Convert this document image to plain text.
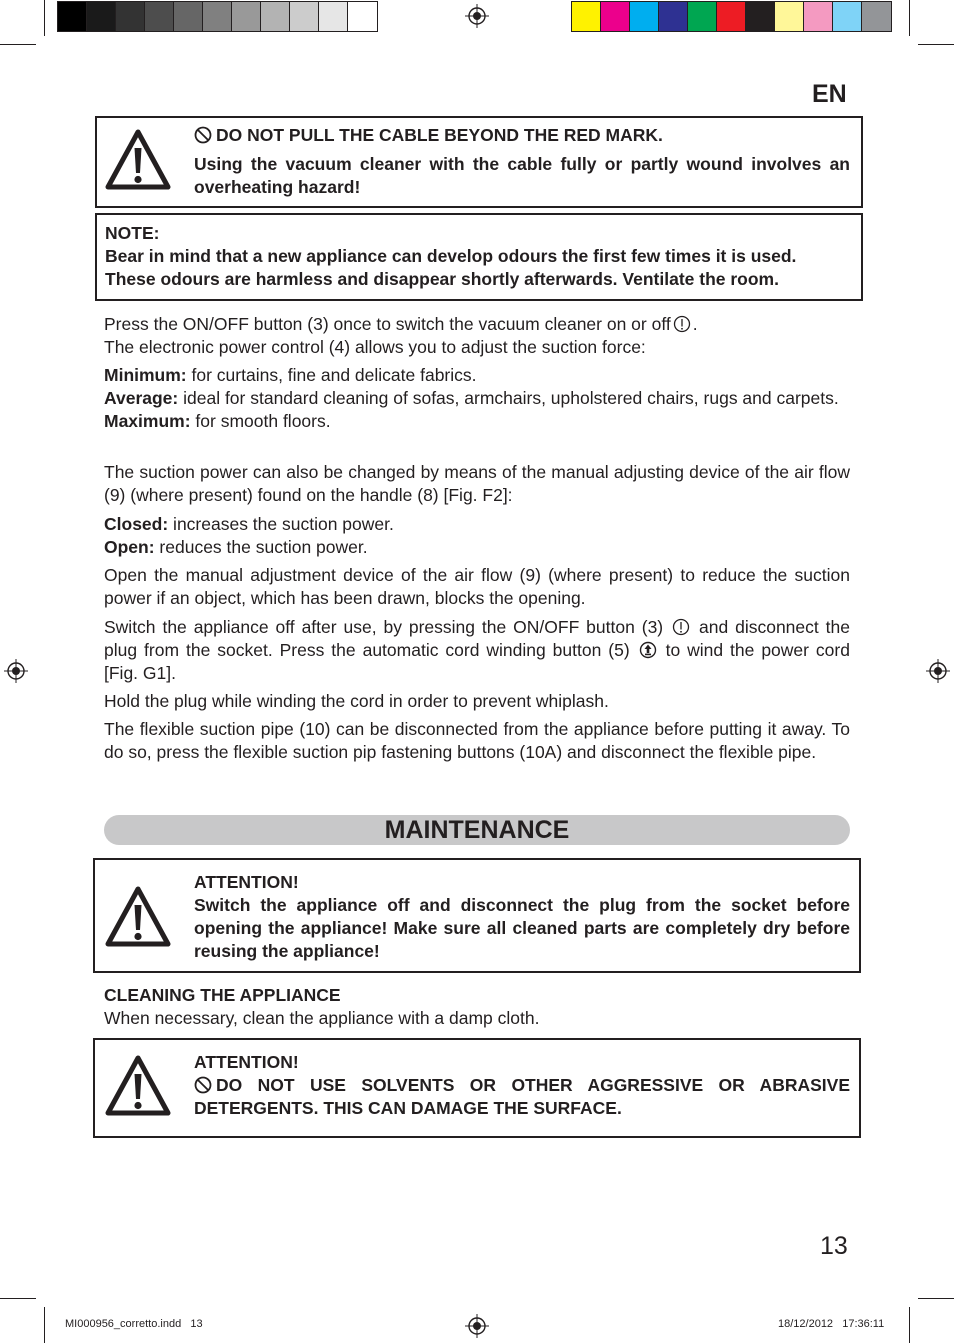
EN
DO NOT PULL THE CABLE BEYOND THE RED MARK.
Using the vacuum cleaner with the cable fully or partly wound involves an overheating hazard!
NOTE:
Bear in mind that a new appliance can develop odours the first few times it is used.
These odours are harmless and disappear shortly afterwards. Ventilate the room.
Press the ON/OFF button (3) once to switch the vacuum cleaner on or off .
The electronic power control (4) allows you to adjust the suction force:
Minimum: for curtains, fine and delicate fabrics.
Average: ideal for standard cleaning of sofas, armchairs, upholstered chairs, rugs and carpets.
Maximum: for smooth floors.
The suction power can also be changed by means of the manual adjusting device of the air flow (9) (where present) found on the handle (8) [Fig. F2]:
Closed: increases the suction power.
Open: reduces the suction power.
Open the manual adjustment device of the air flow (9) (where present) to reduce the suction power if an object, which has been drawn, blocks the opening.
Switch the appliance off after use, by pressing the ON/OFF button (3) and disconnect the plug from the socket. Press the automatic cord winding button (5) to wind the power cord [Fig. G1].
Hold the plug while winding the cord in order to prevent whiplash.
The flexible suction pipe (10) can be disconnected from the appliance before putting it away. To do so, press the flexible suction pip fastening buttons (10A) and disconnect the flexible pipe.
MAINTENANCE
ATTENTION!
Switch the appliance off and disconnect the plug from the socket before opening the appliance! Make sure all cleaned parts are completely dry before reusing the appliance!
CLEANING THE APPLIANCE
When necessary, clean the appliance with a damp cloth.
ATTENTION!
DO NOT USE SOLVENTS OR OTHER AGGRESSIVE OR ABRASIVE DETERGENTS. THIS CAN DAMAGE THE SURFACE.
13
MI000956_corretto.indd   13	18/12/2012   17:36:11
